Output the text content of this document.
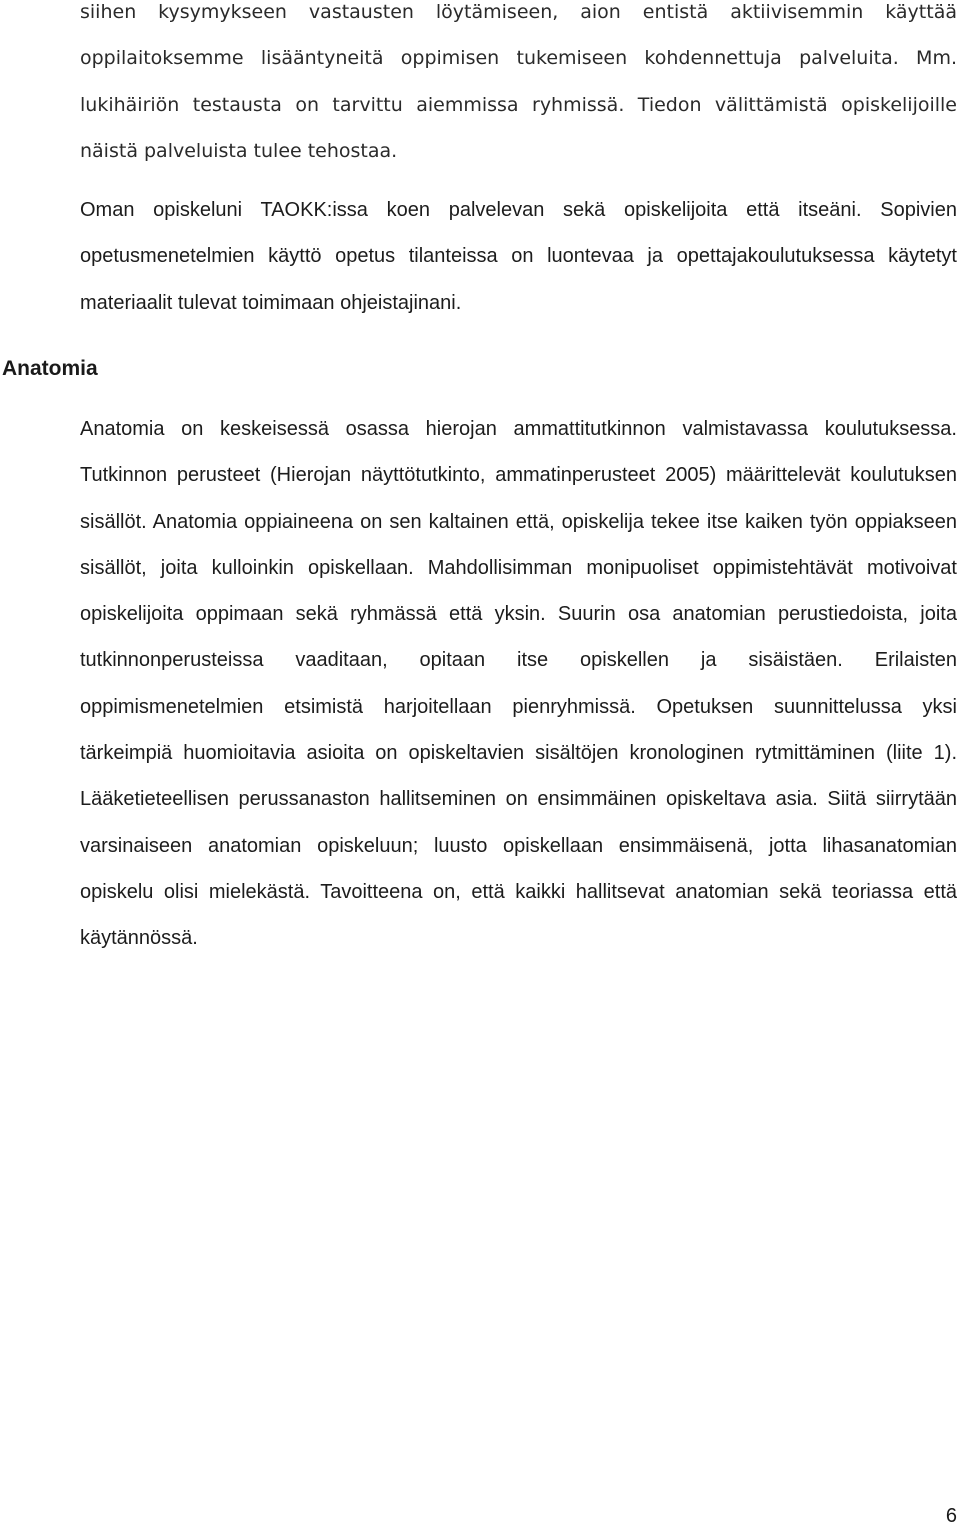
siihen kysymykseen vastausten löytämiseen, aion entistä aktiivisemmin käyttää oppilaitoksemme lisääntyneitä oppimisen tukemiseen kohdennettuja palveluita. Mm. lukihäiriön testausta on tarvittu aiemmissa ryhmissä. Tiedon välittämistä opiskelijoille näistä palveluista tulee tehostaa.

Oman opiskeluni TAOKK:issa koen palvelevan sekä opiskelijoita että itseäni. Sopivien opetusmenetelmien käyttö opetus tilanteissa on luontevaa ja opettajakoulutuksessa käytetyt materiaalit tulevat toimimaan ohjeistajinani.

Anatomia

Anatomia on keskeisessä osassa hierojan ammattitutkinnon valmistavassa koulutuksessa. Tutkinnon perusteet (Hierojan näyttötutkinto, ammatinperusteet 2005) määrittelevät koulutuksen sisällöt. Anatomia oppiaineena on sen kaltainen että, opiskelija tekee itse kaiken työn oppiakseen sisällöt, joita kulloinkin opiskellaan. Mahdollisimman monipuoliset oppimistehtävät motivoivat opiskelijoita oppimaan sekä ryhmässä että yksin. Suurin osa anatomian perustiedoista, joita tutkinnonperusteissa vaaditaan, opitaan itse opiskellen ja sisäistäen. Erilaisten oppimismenetelmien etsimistä harjoitellaan pienryhmissä. Opetuksen suunnittelussa yksi tärkeimpiä huomioitavia asioita on opiskeltavien sisältöjen kronologinen rytmittäminen (liite 1). Lääketieteellisen perussanaston hallitseminen on ensimmäinen opiskeltava asia. Siitä siirrytään varsinaiseen anatomian opiskeluun; luusto opiskellaan ensimmäisenä, jotta lihasanatomian opiskelu olisi mielekästä. Tavoitteena on, että kaikki hallitsevat anatomian sekä teoriassa että käytännössä.

6
